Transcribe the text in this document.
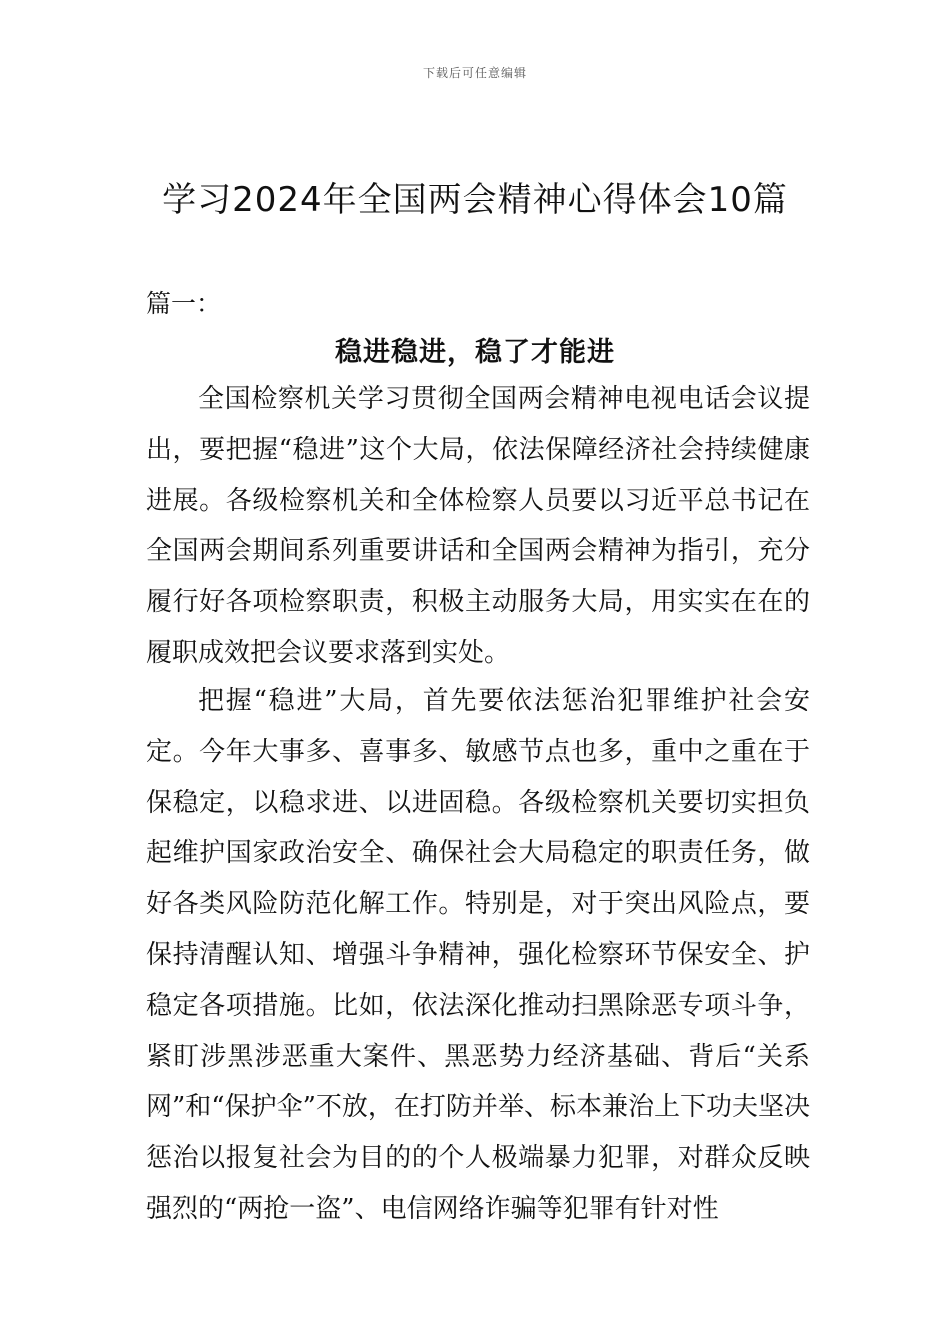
下载后可任意编辑
学习2024年全国两会精神心得体会10篇
篇一：
稳进稳进，稳了才能进

全国检察机关学习贯彻全国两会精神电视电话会议提出，要把握“稳进”这个大局，依法保障经济社会持续健康进展。各级检察机关和全体检察人员要以习近平总书记在全国两会期间系列重要讲话和全国两会精神为指引，充分履行好各项检察职责，积极主动服务大局，用实实在在的履职成效把会议要求落到实处。

把握“稳进”大局，首先要依法惩治犯罪维护社会安定。今年大事多、喜事多、敏感节点也多，重中之重在于保稳定，以稳求进、以进固稳。各级检察机关要切实担负起维护国家政治安全、确保社会大局稳定的职责任务，做好各类风险防范化解工作。特别是，对于突出风险点，要保持清醒认知、增强斗争精神，强化检察环节保安全、护稳定各项措施。比如，依法深化推动扫黑除恶专项斗争，紧盯涉黑涉恶重大案件、黑恶势力经济基础、背后“关系网”和“保护伞”不放，在打防并举、标本兼治上下功夫坚决惩治以报复社会为目的的个人极端暴力犯罪，对群众反映强烈的“两抢一盗”、电信网络诈骗等犯罪有针对性
